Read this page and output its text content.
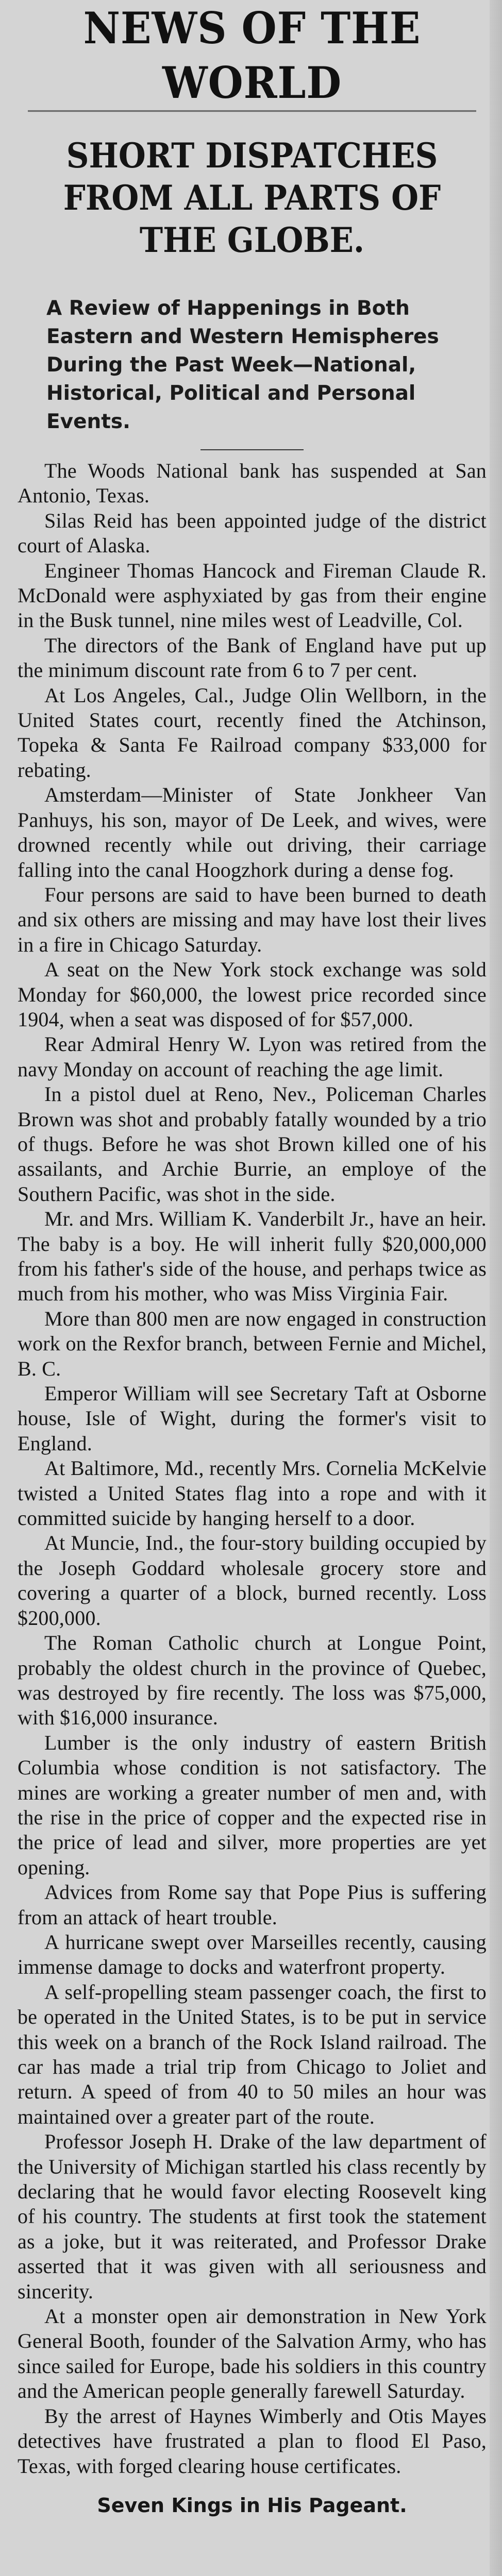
NEWS OF THE WORLD
SHORT DISPATCHES FROM ALL PARTS OF THE GLOBE.
A Review of Happenings in Both Eastern and Western Hemispheres During the Past Week—National, Historical, Political and Personal Events.

The Woods National bank has suspended at San Antonio, Texas.

Silas Reid has been appointed judge of the district court of Alaska.

Engineer Thomas Hancock and Fireman Claude R. McDonald were asphyxiated by gas from their engine in the Busk tunnel, nine miles west of Leadville, Col.

The directors of the Bank of England have put up the minimum discount rate from 6 to 7 per cent.

At Los Angeles, Cal., Judge Olin Wellborn, in the United States court, recently fined the Atchinson, Topeka & Santa Fe Railroad company $33,000 for rebating.

Amsterdam—Minister of State Jonkheer Van Panhuys, his son, mayor of De Leek, and wives, were drowned recently while out driving, their carriage falling into the canal Hoogzhork during a dense fog.

Four persons are said to have been burned to death and six others are missing and may have lost their lives in a fire in Chicago Saturday.

A seat on the New York stock exchange was sold Monday for $60,000, the lowest price recorded since 1904, when a seat was disposed of for $57,000.

Rear Admiral Henry W. Lyon was retired from the navy Monday on account of reaching the age limit.

In a pistol duel at Reno, Nev., Policeman Charles Brown was shot and probably fatally wounded by a trio of thugs. Before he was shot Brown killed one of his assailants, and Archie Burrie, an employe of the Southern Pacific, was shot in the side.

Mr. and Mrs. William K. Vanderbilt Jr., have an heir. The baby is a boy. He will inherit fully $20,000,000 from his father's side of the house, and perhaps twice as much from his mother, who was Miss Virginia Fair.

More than 800 men are now engaged in construction work on the Rexfor branch, between Fernie and Michel, B. C.

Emperor William will see Secretary Taft at Osborne house, Isle of Wight, during the former's visit to England.

At Baltimore, Md., recently Mrs. Cornelia McKelvie twisted a United States flag into a rope and with it committed suicide by hanging herself to a door.

At Muncie, Ind., the four-story building occupied by the Joseph Goddard wholesale grocery store and covering a quarter of a block, burned recently. Loss $200,000.

The Roman Catholic church at Longue Point, probably the oldest church in the province of Quebec, was destroyed by fire recently. The loss was $75,000, with $16,000 insurance.

Lumber is the only industry of eastern British Columbia whose condition is not satisfactory. The mines are working a greater number of men and, with the rise in the price of copper and the expected rise in the price of lead and silver, more properties are yet opening.

Advices from Rome say that Pope Pius is suffering from an attack of heart trouble.

A hurricane swept over Marseilles recently, causing immense damage to docks and waterfront property.

A self-propelling steam passenger coach, the first to be operated in the United States, is to be put in service this week on a branch of the Rock Island railroad. The car has made a trial trip from Chicago to Joliet and return. A speed of from 40 to 50 miles an hour was maintained over a greater part of the route.

Professor Joseph H. Drake of the law department of the University of Michigan startled his class recently by declaring that he would favor electing Roosevelt king of his country. The students at first took the statement as a joke, but it was reiterated, and Professor Drake asserted that it was given with all seriousness and sincerity.

At a monster open air demonstration in New York General Booth, founder of the Salvation Army, who has since sailed for Europe, bade his soldiers in this country and the American people generally farewell Saturday.

By the arrest of Haynes Wimberly and Otis Mayes detectives have frustrated a plan to flood El Paso, Texas, with forged clearing house certificates.

Seven Kings in His Pageant.
